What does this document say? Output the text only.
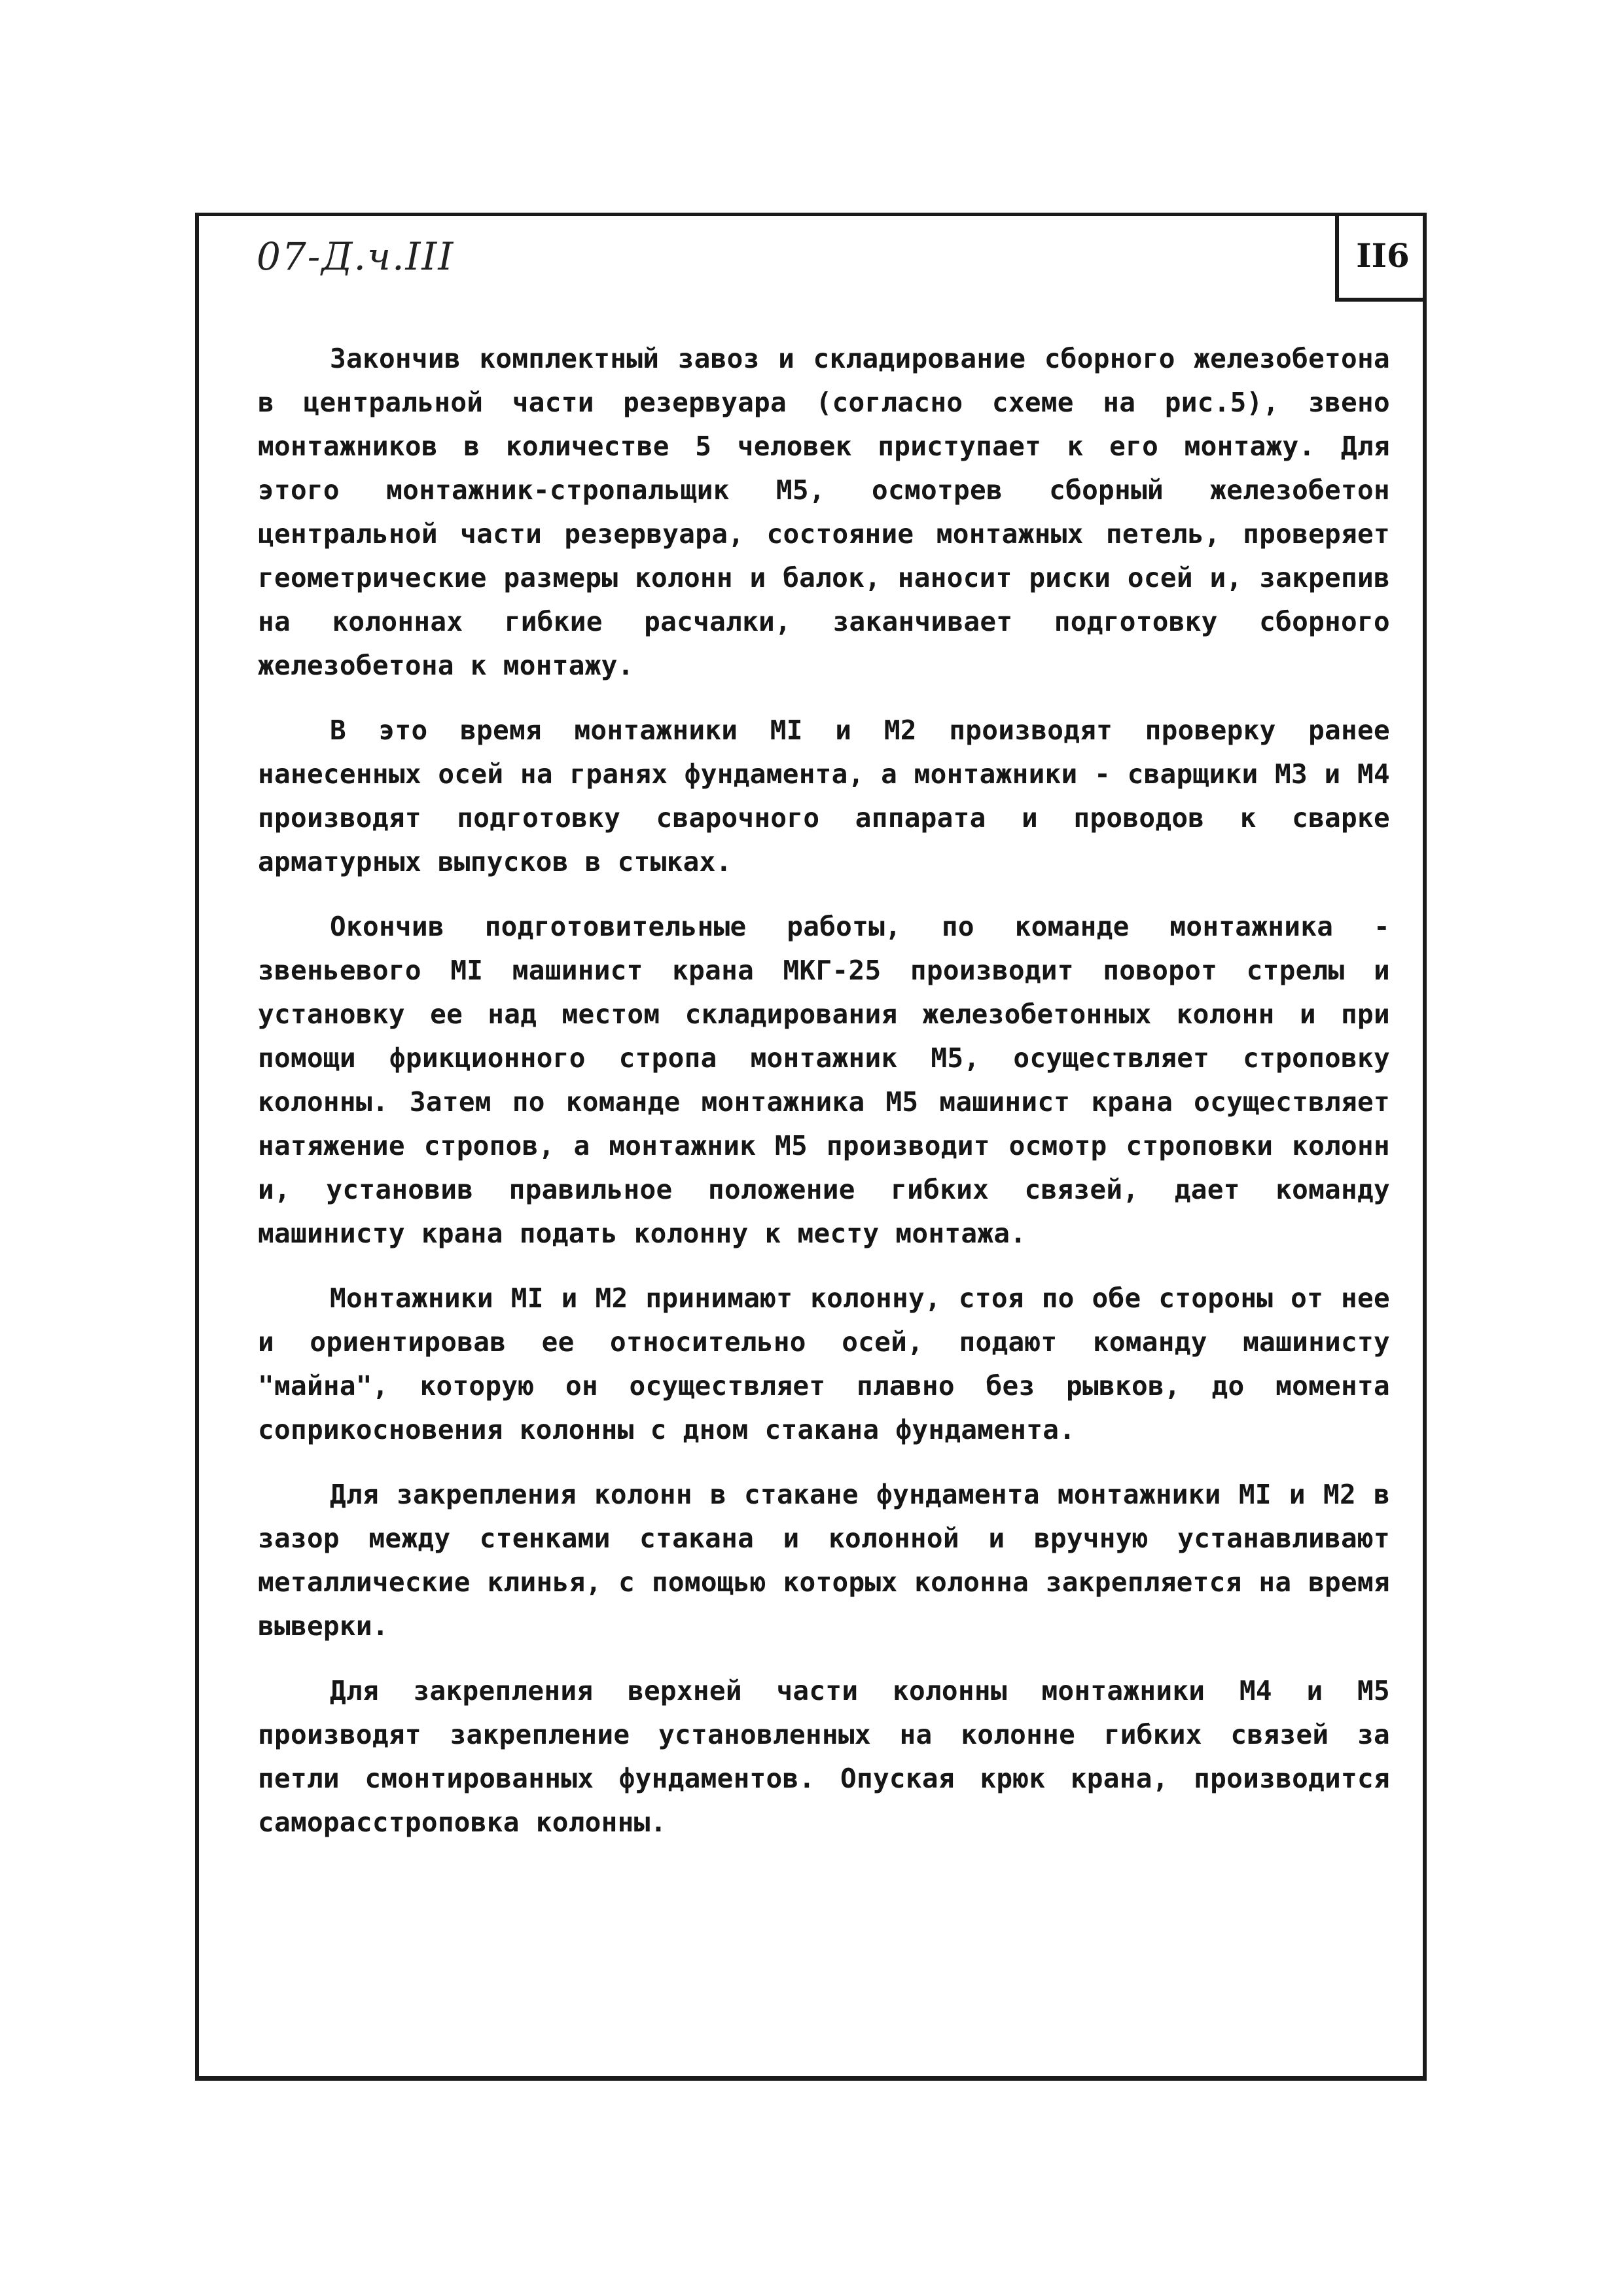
07-Д.ч.III	II6

Закончив комплектный завоз и складирование сборного железобетона в центральной части резервуара (согласно схеме на рис.5), звено монтажников в количестве 5 человек приступает к его монтажу. Для этого монтажник-стропальщик М5, осмотрев сборный железобетон центральной части резервуара, состояние монтажных петель, проверяет геометрические размеры колонн и балок, наносит риски осей и, закрепив на колоннах гибкие расчалки, заканчивает подготовку сборного железобетона к монтажу.

В это время монтажники МI и М2 производят проверку ранее нанесенных осей на гранях фундамента, а монтажники - сварщики М3 и М4 производят подготовку сварочного аппарата и проводов к сварке арматурных выпусков в стыках.

Окончив подготовительные работы, по команде монтажника - звеньевого МI машинист крана МКГ-25 производит поворот стрелы и установку ее над местом складирования железобетонных колонн и при помощи фрикционного стропа монтажник М5, осуществляет строповку колонны. Затем по команде монтажника М5 машинист крана осуществляет натяжение стропов, а монтажник М5 производит осмотр строповки колонн и, установив правильное положение гибких связей, дает команду машинисту крана подать колонну к месту монтажа.

Монтажники МI и М2 принимают колонну, стоя по обе стороны от нее и ориентировав ее относительно осей, подают команду машинисту "майна", которую он осуществляет плавно без рывков, до момента соприкосновения колонны с дном стакана фундамента.

Для закрепления колонн в стакане фундамента монтажники МI и М2 в зазор между стенками стакана и колонной и вручную устанавливают металлические клинья, с помощью которых колонна закрепляется на время выверки.

Для закрепления верхней части колонны монтажники М4 и М5 производят закрепление установленных на колонне гибких связей за петли смонтированных фундаментов. Опуская крюк крана, производится саморасстроповка колонны.
